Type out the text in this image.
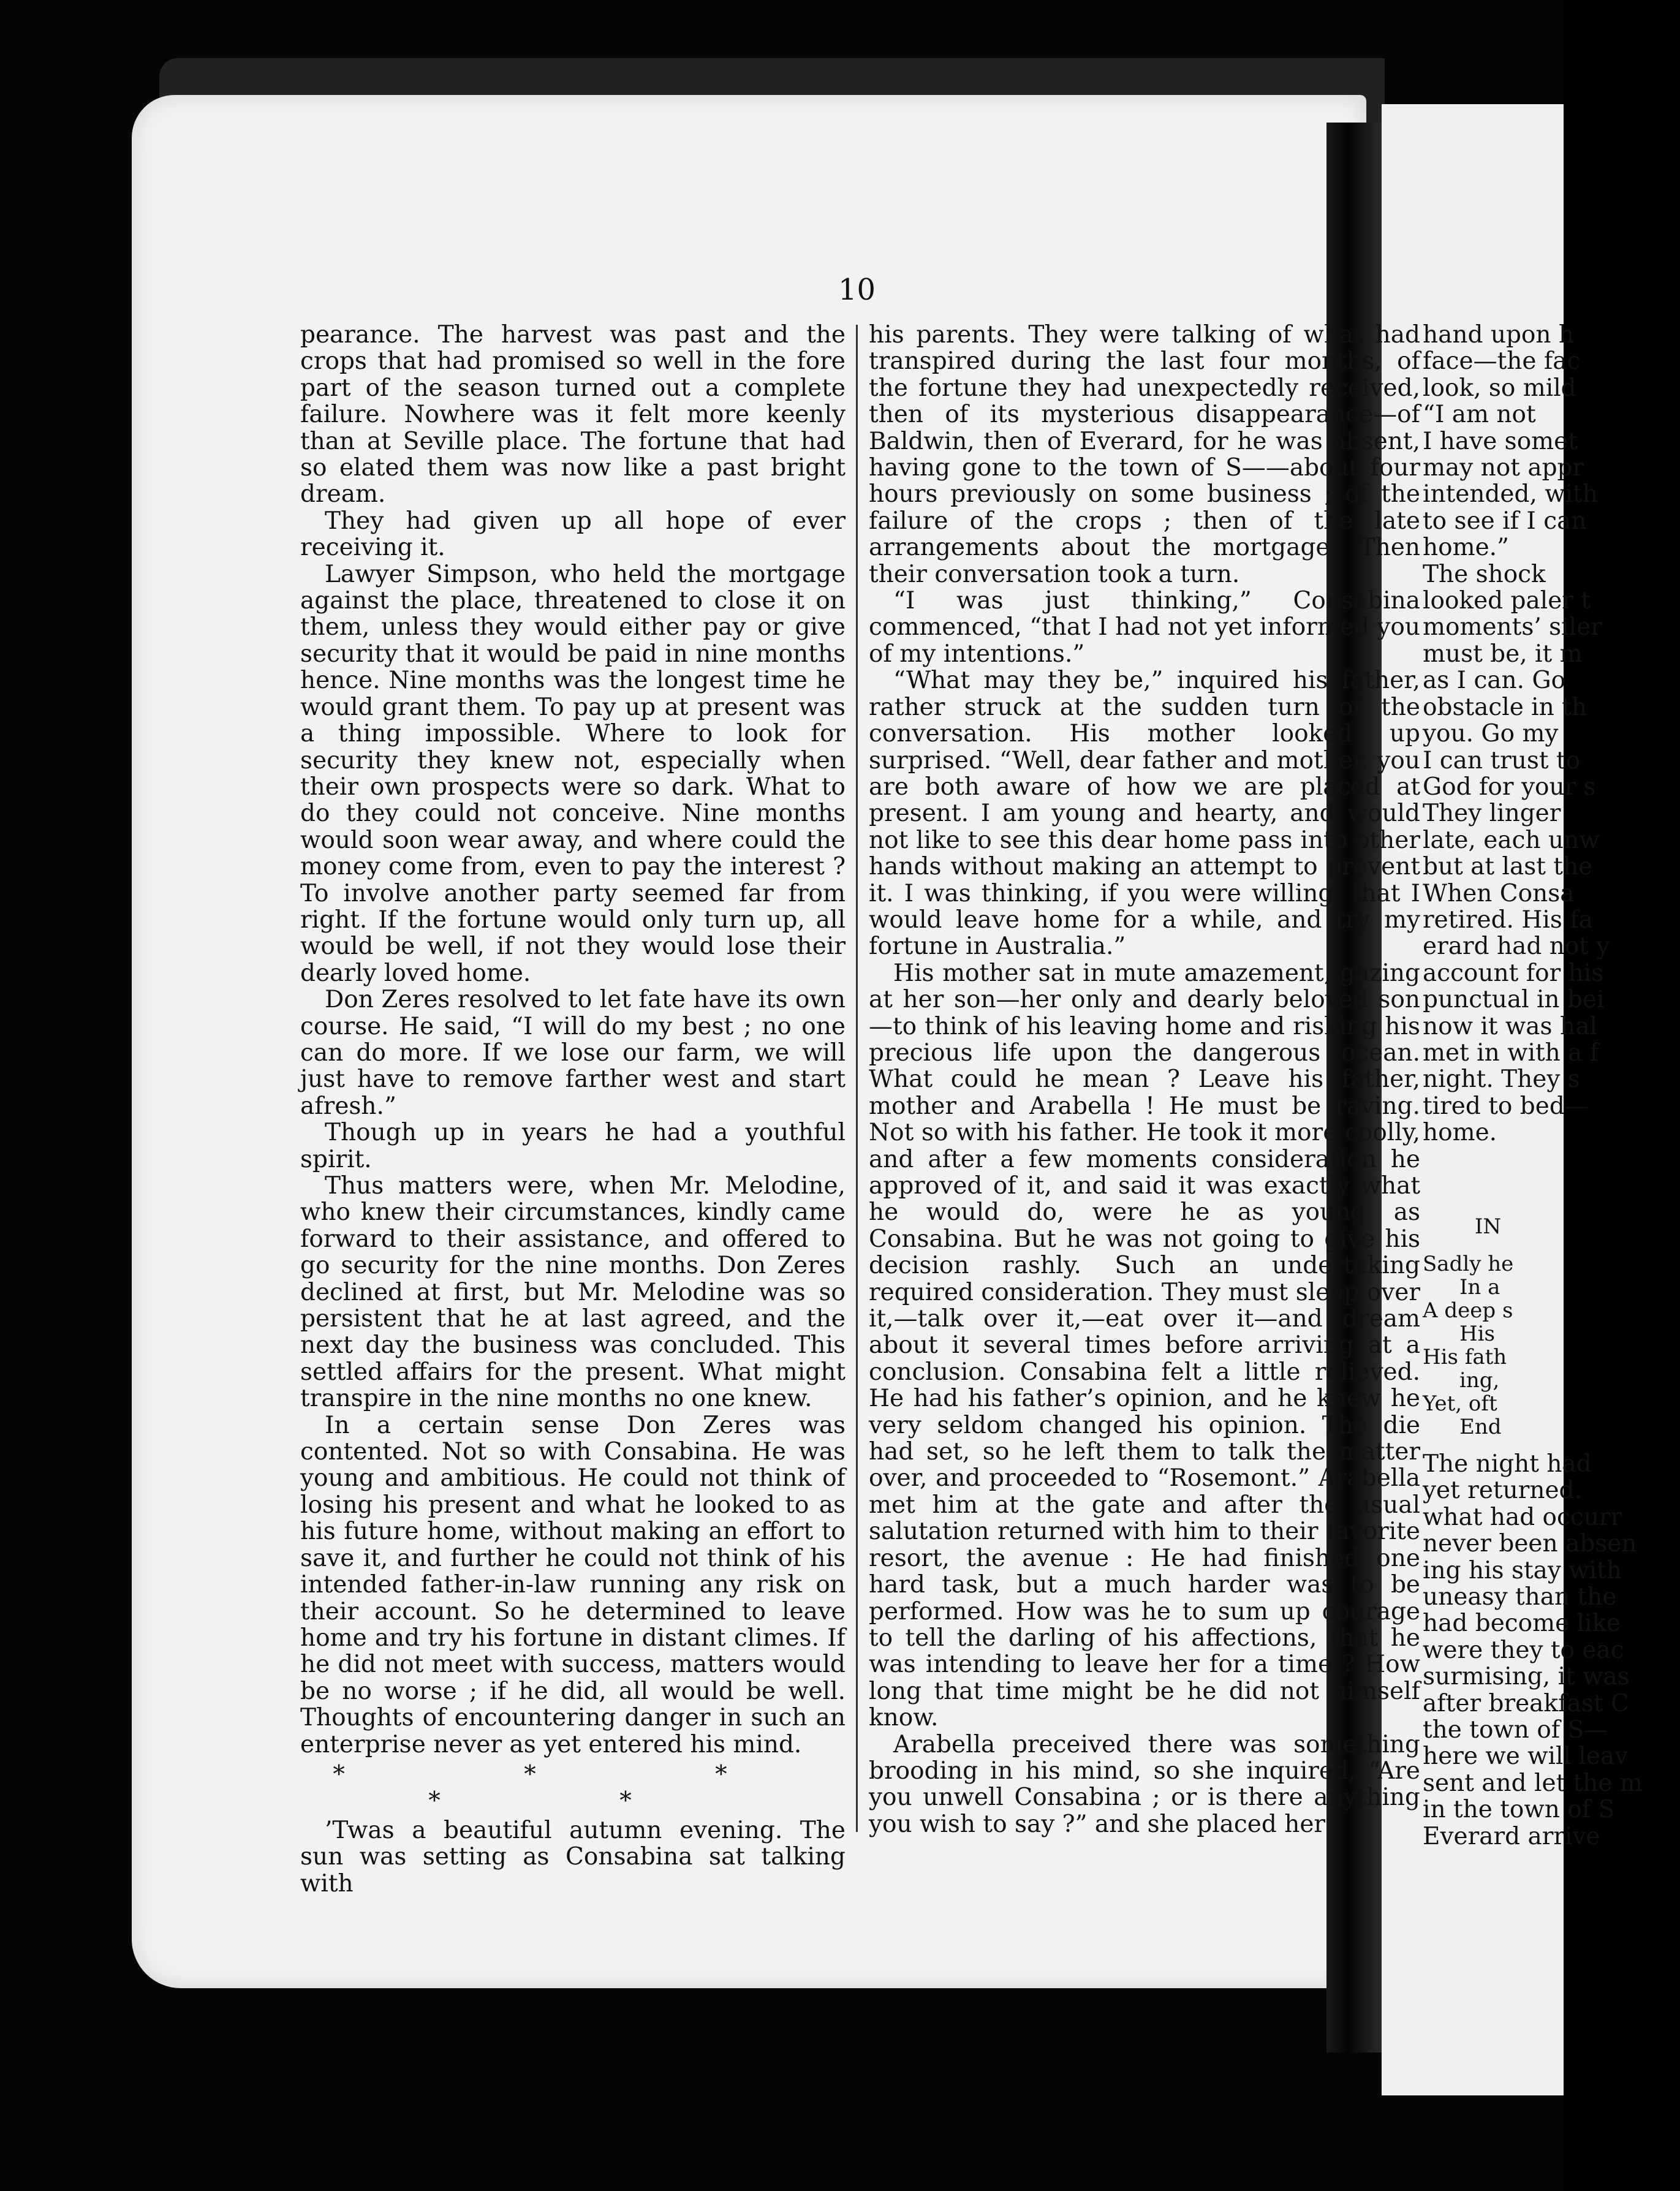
10

pearance. The harvest was past and the crops that had promised so well in the fore part of the season turned out a complete failure. Nowhere was it felt more keenly than at Seville place. The fortune that had so elated them was now like a past bright dream.

They had given up all hope of ever receiving it.

Lawyer Simpson, who held the mortgage against the place, threatened to close it on them, unless they would either pay or give security that it would be paid in nine months hence. Nine months was the longest time he would grant them. To pay up at present was a thing impossible. Where to look for security they knew not, especially when their own prospects were so dark. What to do they could not conceive. Nine months would soon wear away, and where could the money come from, even to pay the interest ? To involve another party seemed far from right. If the fortune would only turn up, all would be well, if not they would lose their dearly loved home.

Don Zeres resolved to let fate have its own course. He said, “I will do my best ; no one can do more. If we lose our farm, we will just have to remove farther west and start afresh.”

Though up in years he had a youthful spirit.

Thus matters were, when Mr. Melodine, who knew their circumstances, kindly came forward to their assistance, and offered to go security for the nine months. Don Zeres declined at first, but Mr. Melodine was so persistent that he at last agreed, and the next day the business was concluded. This settled affairs for the present. What might transpire in the nine months no one knew.

In a certain sense Don Zeres was contented. Not so with Consabina. He was young and ambitious. He could not think of losing his present and what he looked to as his future home, without making an effort to save it, and further he could not think of his intended father-in-law running any risk on their account. So he determined to leave home and try his fortune in distant climes. If he did not meet with success, matters would be no worse ; if he did, all would be well. Thoughts of encountering danger in such an enterprise never as yet entered his mind.

* * * * *

’Twas a beautiful autumn evening. The sun was setting as Consabina sat talking with

his parents. They were talking of what had transpired during the last four months, of the fortune they had unexpectedly received, then of its mysterious disappearance—of Baldwin, then of Everard, for he was absent, having gone to the town of S——about four hours previously on some business ; of the failure of the crops ; then of the late arrangements about the mortgage. Then their conversation took a turn.

“I was just thinking,” Consabina commenced, “that I had not yet informed you of my intentions.”

“What may they be,” inquired his father, rather struck at the sudden turn of the conversation. His mother looked up surprised. “Well, dear father and mother, you are both aware of how we are placed at present. I am young and hearty, and would not like to see this dear home pass into other hands without making an attempt to prevent it. I was thinking, if you were willing, that I would leave home for a while, and try my fortune in Australia.”

His mother sat in mute amazement, gazing at her son—her only and dearly beloved son—to think of his leaving home and risking his precious life upon the dangerous ocean. What could he mean ? Leave his father, mother and Arabella ! He must be raving. Not so with his father. He took it more coolly, and after a few moments consideration he approved of it, and said it was exactly what he would do, were he as young as Consabina. But he was not going to give his decision rashly. Such an undertaking required consideration. They must sleep over it,—talk over it,—eat over it—and dream about it several times before arriving at a conclusion. Consabina felt a little relieved. He had his father’s opinion, and he knew he very seldom changed his opinion. The die had set, so he left them to talk the matter over, and proceeded to “Rosemont.” Arabella met him at the gate and after the usual salutation returned with him to their favorite resort, the avenue : He had finished one hard task, but a much harder was to be performed. How was he to sum up courage to tell the darling of his affections, that he was intending to leave her for a time ? How long that time might be he did not himself know.

Arabella preceived there was something brooding in his mind, so she inquired, “Are you unwell Consabina ; or is there anything you wish to say ?” and she placed her

hand upon h
face—the fac
look, so mild
“I am not
I have somet
may not appr
intended, with
to see if I can
home.”
The shock
looked paler t
moments’ siler
must be, it m
as I can. Go
obstacle in th
you. Go my
I can trust to
God for your s
They linger
late, each unw
but at last the
When Consa
retired. His fa
erard had not y
account for his
punctual in bei
now it was hal
met in with a f
night. They s
tired to bed—
home.
IN
Sadly he
In a
A deep s
His
His fath
ing,
Yet, oft
End
The night had
yet returned.
what had occurr
never been absen
ing his stay with
uneasy than the
had become like
were they to eac
surmising, it was
after breakfast C
the town of S—
here we will leav
sent and let the m
in the town of S
Everard arrive
